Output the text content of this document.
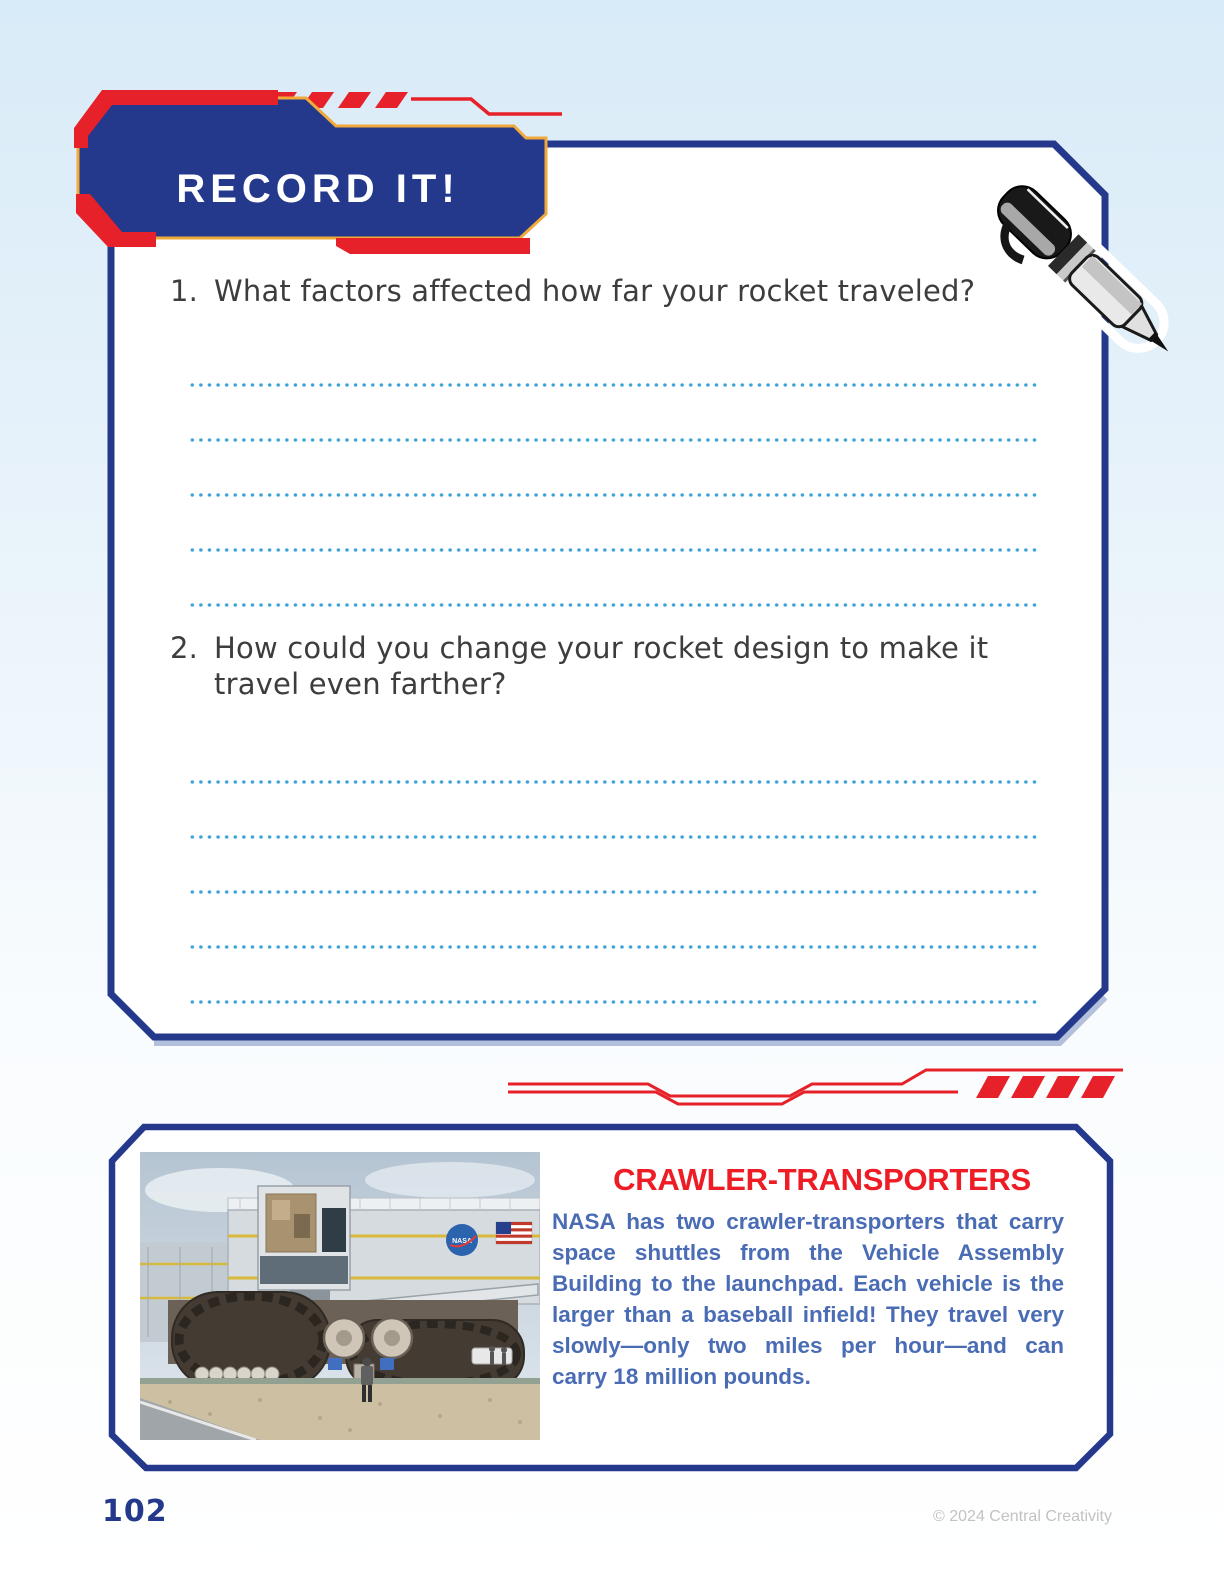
RECORD IT!
1. What factors affected how far your rocket traveled?
2. How could you change your rocket design to make it travel even farther?
NASA
CRAWLER-TRANSPORTERS
NASA has two crawler-transporters that carry space shuttles from the Vehicle Assembly Building to the launchpad. Each vehicle is the larger than a baseball infield! They travel very slowly—only two miles per hour—and can carry 18 million pounds.
102	© 2024 Central Creativity
